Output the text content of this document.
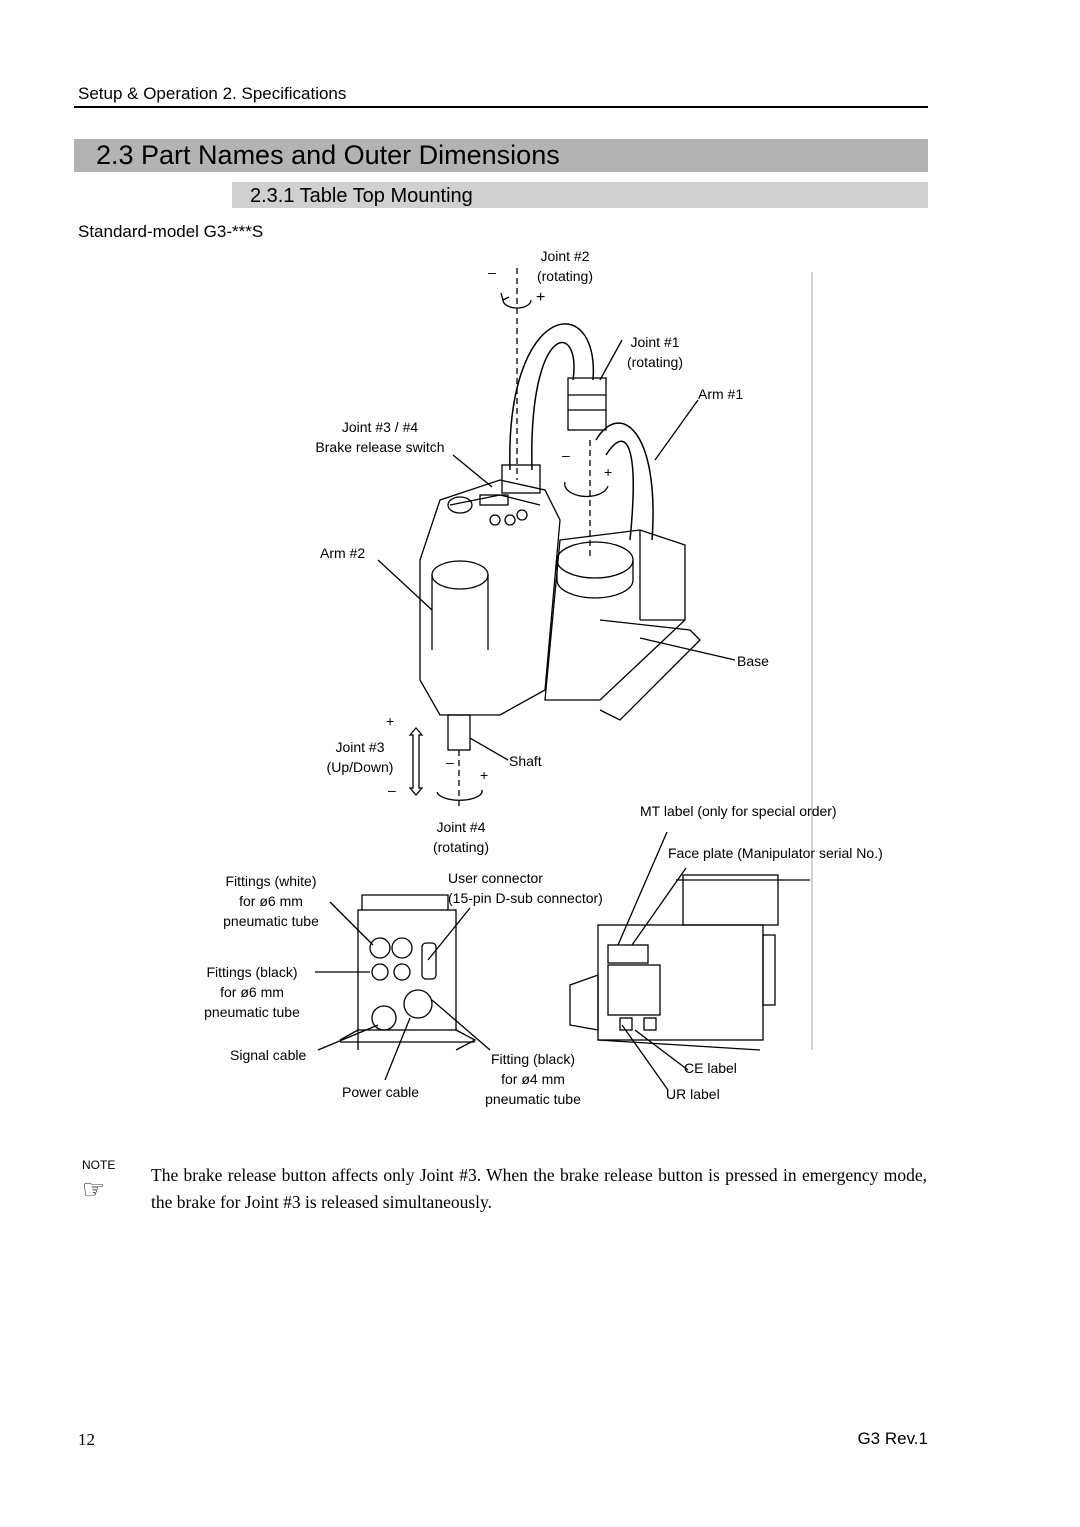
Setup & Operation 2. Specifications
2.3 Part Names and Outer Dimensions
2.3.1 Table Top Mounting
Standard-model G3-***S
Joint #2
(rotating)
–
+
Joint #1
(rotating)
Arm #1
Joint #3 / #4
Brake release switch	–
+
Arm #2
Base
+
Joint #3
(Up/Down)
–
Shaft
–
+
Joint #4
(rotating)
MT label (only for special order)
Face plate (Manipulator serial No.)
Fittings (white)
for ø6 mm
pneumatic tube
User connector
(15-pin D-sub connector)
Fittings (black)
for ø6 mm
pneumatic tube
Signal cable
Power cable
Fitting (black)
for ø4 mm
pneumatic tube
CE label
UR label
NOTE
☞	The brake release button affects only Joint #3. When the brake release button is pressed in emergency mode, the brake for Joint #3 is released simultaneously.
12	G3 Rev.1
